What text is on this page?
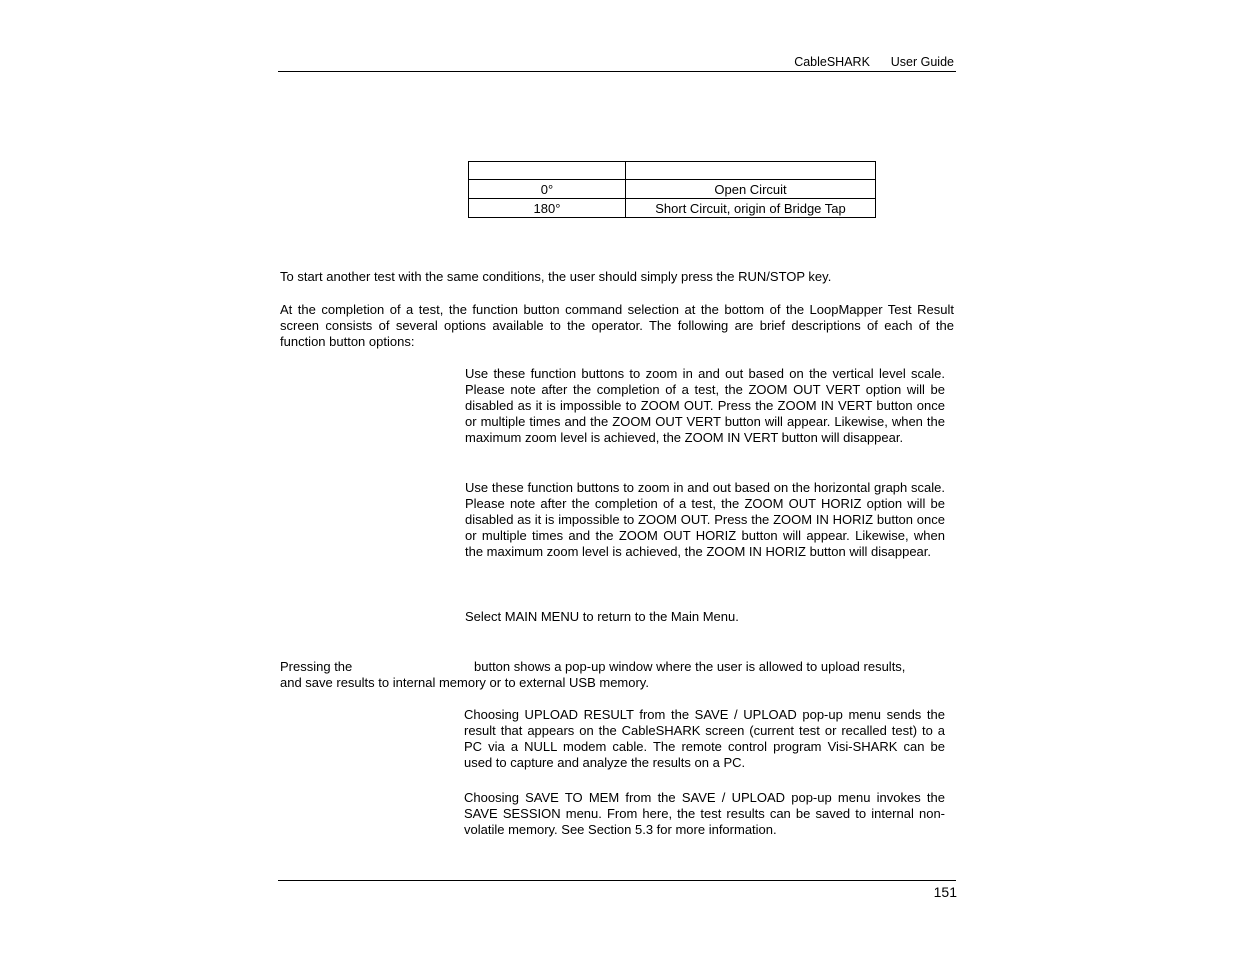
CableSHARK User Guide

0°	Open Circuit
180°	Short Circuit, origin of Bridge Tap
To start another test with the same conditions, the user should simply press the RUN/STOP key.
At the completion of a test, the function button command selection at the bottom of the LoopMapper Test Result screen consists of several options available to the operator. The following are brief descriptions of each of the function button options:
Use these function buttons to zoom in and out based on the vertical level scale. Please note after the completion of a test, the ZOOM OUT VERT option will be disabled as it is impossible to ZOOM OUT. Press the ZOOM IN VERT button once or multiple times and the ZOOM OUT VERT button will appear. Likewise, when the maximum zoom level is achieved, the ZOOM IN VERT button will disappear.
Use these function buttons to zoom in and out based on the horizontal graph scale. Please note after the completion of a test, the ZOOM OUT HORIZ option will be disabled as it is impossible to ZOOM OUT. Press the ZOOM IN HORIZ button once or multiple times and the ZOOM OUT HORIZ button will appear. Likewise, when the maximum zoom level is achieved, the ZOOM IN HORIZ button will disappear.
Select MAIN MENU to return to the Main Menu.
Pressing the	button shows a pop-up window where the user is allowed to upload results,
and save results to internal memory or to external USB memory.
Choosing UPLOAD RESULT from the SAVE / UPLOAD pop-up menu sends the result that appears on the CableSHARK screen (current test or recalled test) to a PC via a NULL modem cable. The remote control program Visi-SHARK can be used to capture and analyze the results on a PC.
Choosing SAVE TO MEM from the SAVE / UPLOAD pop-up menu invokes the SAVE SESSION menu. From here, the test results can be saved to internal non-volatile memory. See Section 5.3 for more information.
151
